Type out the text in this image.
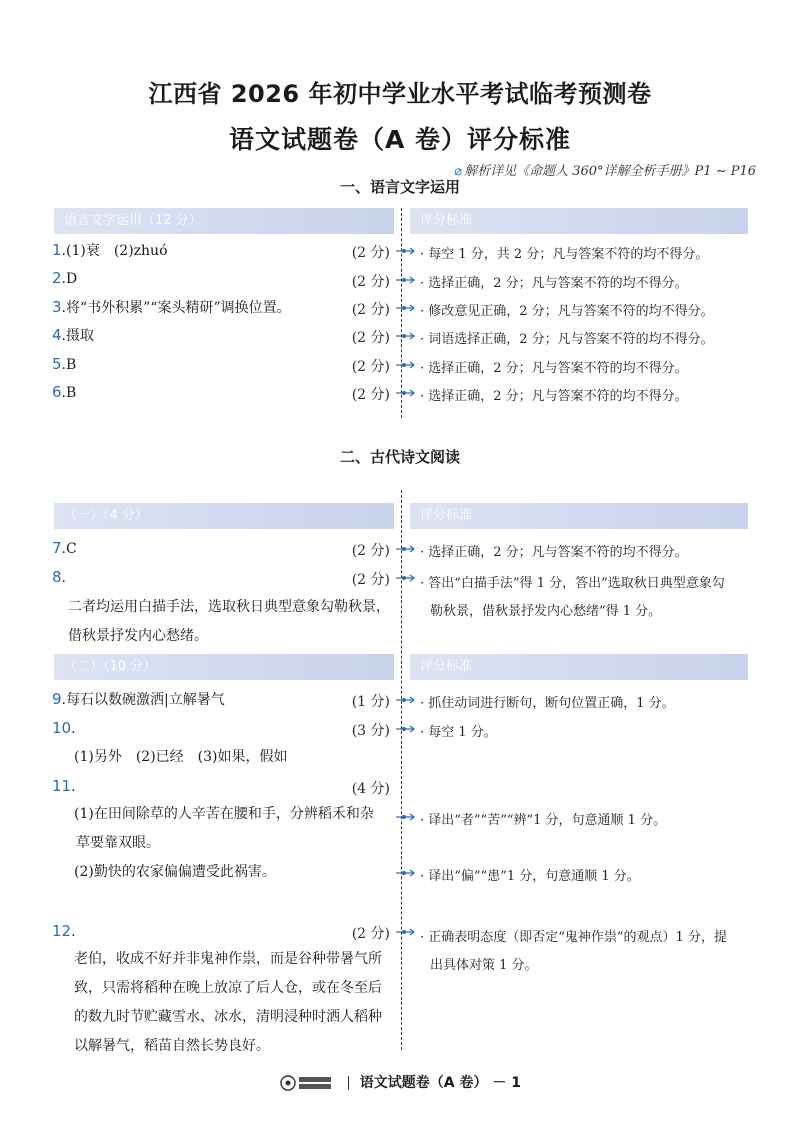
江西省 2026 年初中学业水平考试临考预测卷
语文试题卷（A 卷）评分标准
⌀ 解析详见《命题人 360°详解全析手册》P1 ~ P16
一、语言文字运用
语言文字运用（12 分）	评分标准
1.(1)衰　(2)zhuó	(2 分) · 每空 1 分，共 2 分；凡与答案不符的均不得分。
2.D	(2 分) · 选择正确，2 分；凡与答案不符的均不得分。
3.将“书外积累”“案头精研”调换位置。	(2 分) · 修改意见正确，2 分；凡与答案不符的均不得分。
4.摄取	(2 分) · 词语选择正确，2 分；凡与答案不符的均不得分。
5.B	(2 分) · 选择正确，2 分；凡与答案不符的均不得分。
6.B	(2 分) · 选择正确，2 分；凡与答案不符的均不得分。
二、古代诗文阅读
（一）（4 分）	评分标准
7.C	(2 分) · 选择正确，2 分；凡与答案不符的均不得分。
8.	(2 分) · 答出“白描手法”得 1 分，答出“选取秋日典型意象勾
勒秋景，借秋景抒发内心愁绪”得 1 分。
二者均运用白描手法，选取秋日典型意象勾勒秋景，
借秋景抒发内心愁绪。
（二）（10 分）	评分标准
9.每石以数碗激洒|立解暑气	(1 分) · 抓住动词进行断句，断句位置正确，1 分。
10.	(3 分) · 每空 1 分。
(1)另外　(2)已经　(3)如果，假如
11.	(4 分)
(1)在田间除草的人辛苦在腰和手，分辨稻禾和杂
草要靠双眼。
· 译出“者”“苦”“辨”1 分，句意通顺 1 分。
(2)勤快的农家偏偏遭受此祸害。	· 译出“偏”“患”1 分，句意通顺 1 分。
12.	(2 分) · 正确表明态度（即否定“鬼神作祟”的观点）1 分，提
出具体对策 1 分。
老伯，收成不好并非鬼神作祟，而是谷种带暑气所
致，只需将稻种在晚上放凉了后人仓，或在冬至后
的数九时节贮藏雪水、冰水，清明浸种时洒人稻种
以解暑气，稻苗自然长势良好。
语文试题卷（A 卷） － 1
